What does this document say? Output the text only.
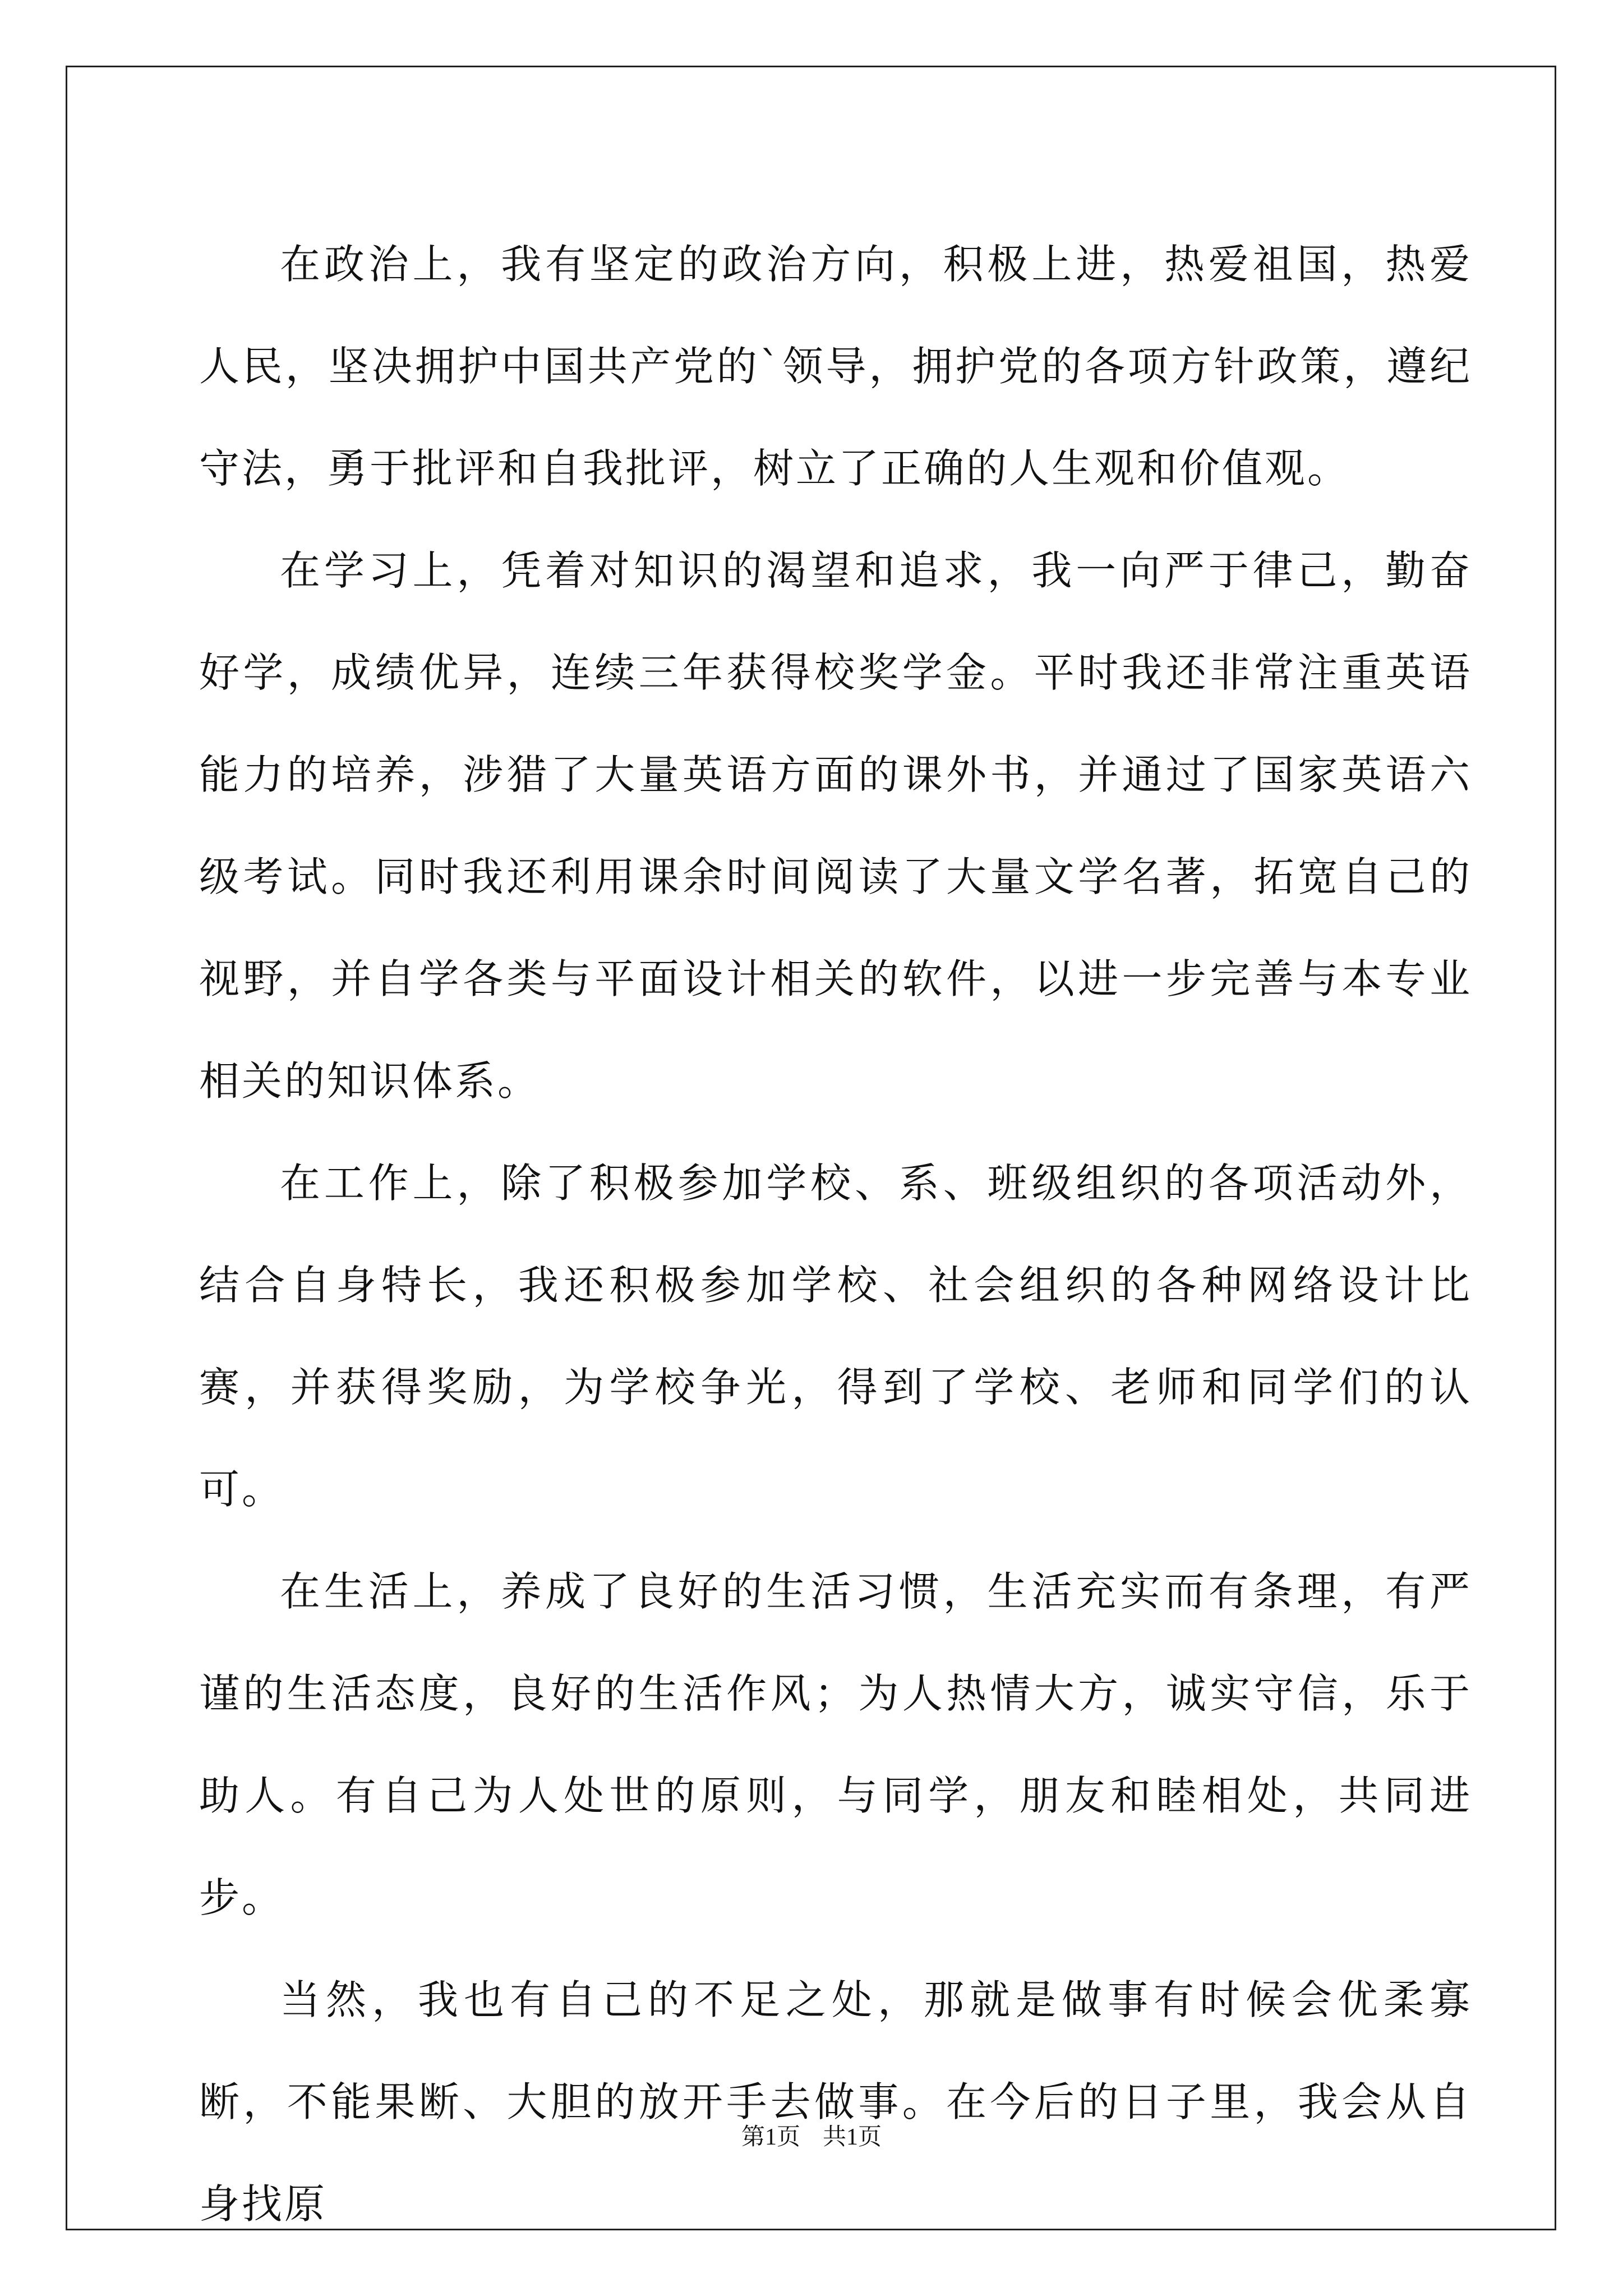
在政治上，我有坚定的政治方向，积极上进，热爱祖国，热爱人民，坚决拥护中国共产党的`领导，拥护党的各项方针政策，遵纪守法，勇于批评和自我批评，树立了正确的人生观和价值观。

在学习上，凭着对知识的渴望和追求，我一向严于律己，勤奋好学，成绩优异，连续三年获得校奖学金。平时我还非常注重英语能力的培养，涉猎了大量英语方面的课外书，并通过了国家英语六级考试。同时我还利用课余时间阅读了大量文学名著，拓宽自己的视野，并自学各类与平面设计相关的软件，以进一步完善与本专业相关的知识体系。

在工作上，除了积极参加学校、系、班级组织的各项活动外，结合自身特长，我还积极参加学校、社会组织的各种网络设计比赛，并获得奖励，为学校争光，得到了学校、老师和同学们的认可。

在生活上，养成了良好的生活习惯，生活充实而有条理，有严谨的生活态度，良好的生活作风；为人热情大方，诚实守信，乐于助人。有自己为人处世的原则，与同学，朋友和睦相处，共同进步。

当然，我也有自己的不足之处，那就是做事有时候会优柔寡断，不能果断、大胆的放开手去做事。在今后的日子里，我会从自身找原

第1页 共1页
